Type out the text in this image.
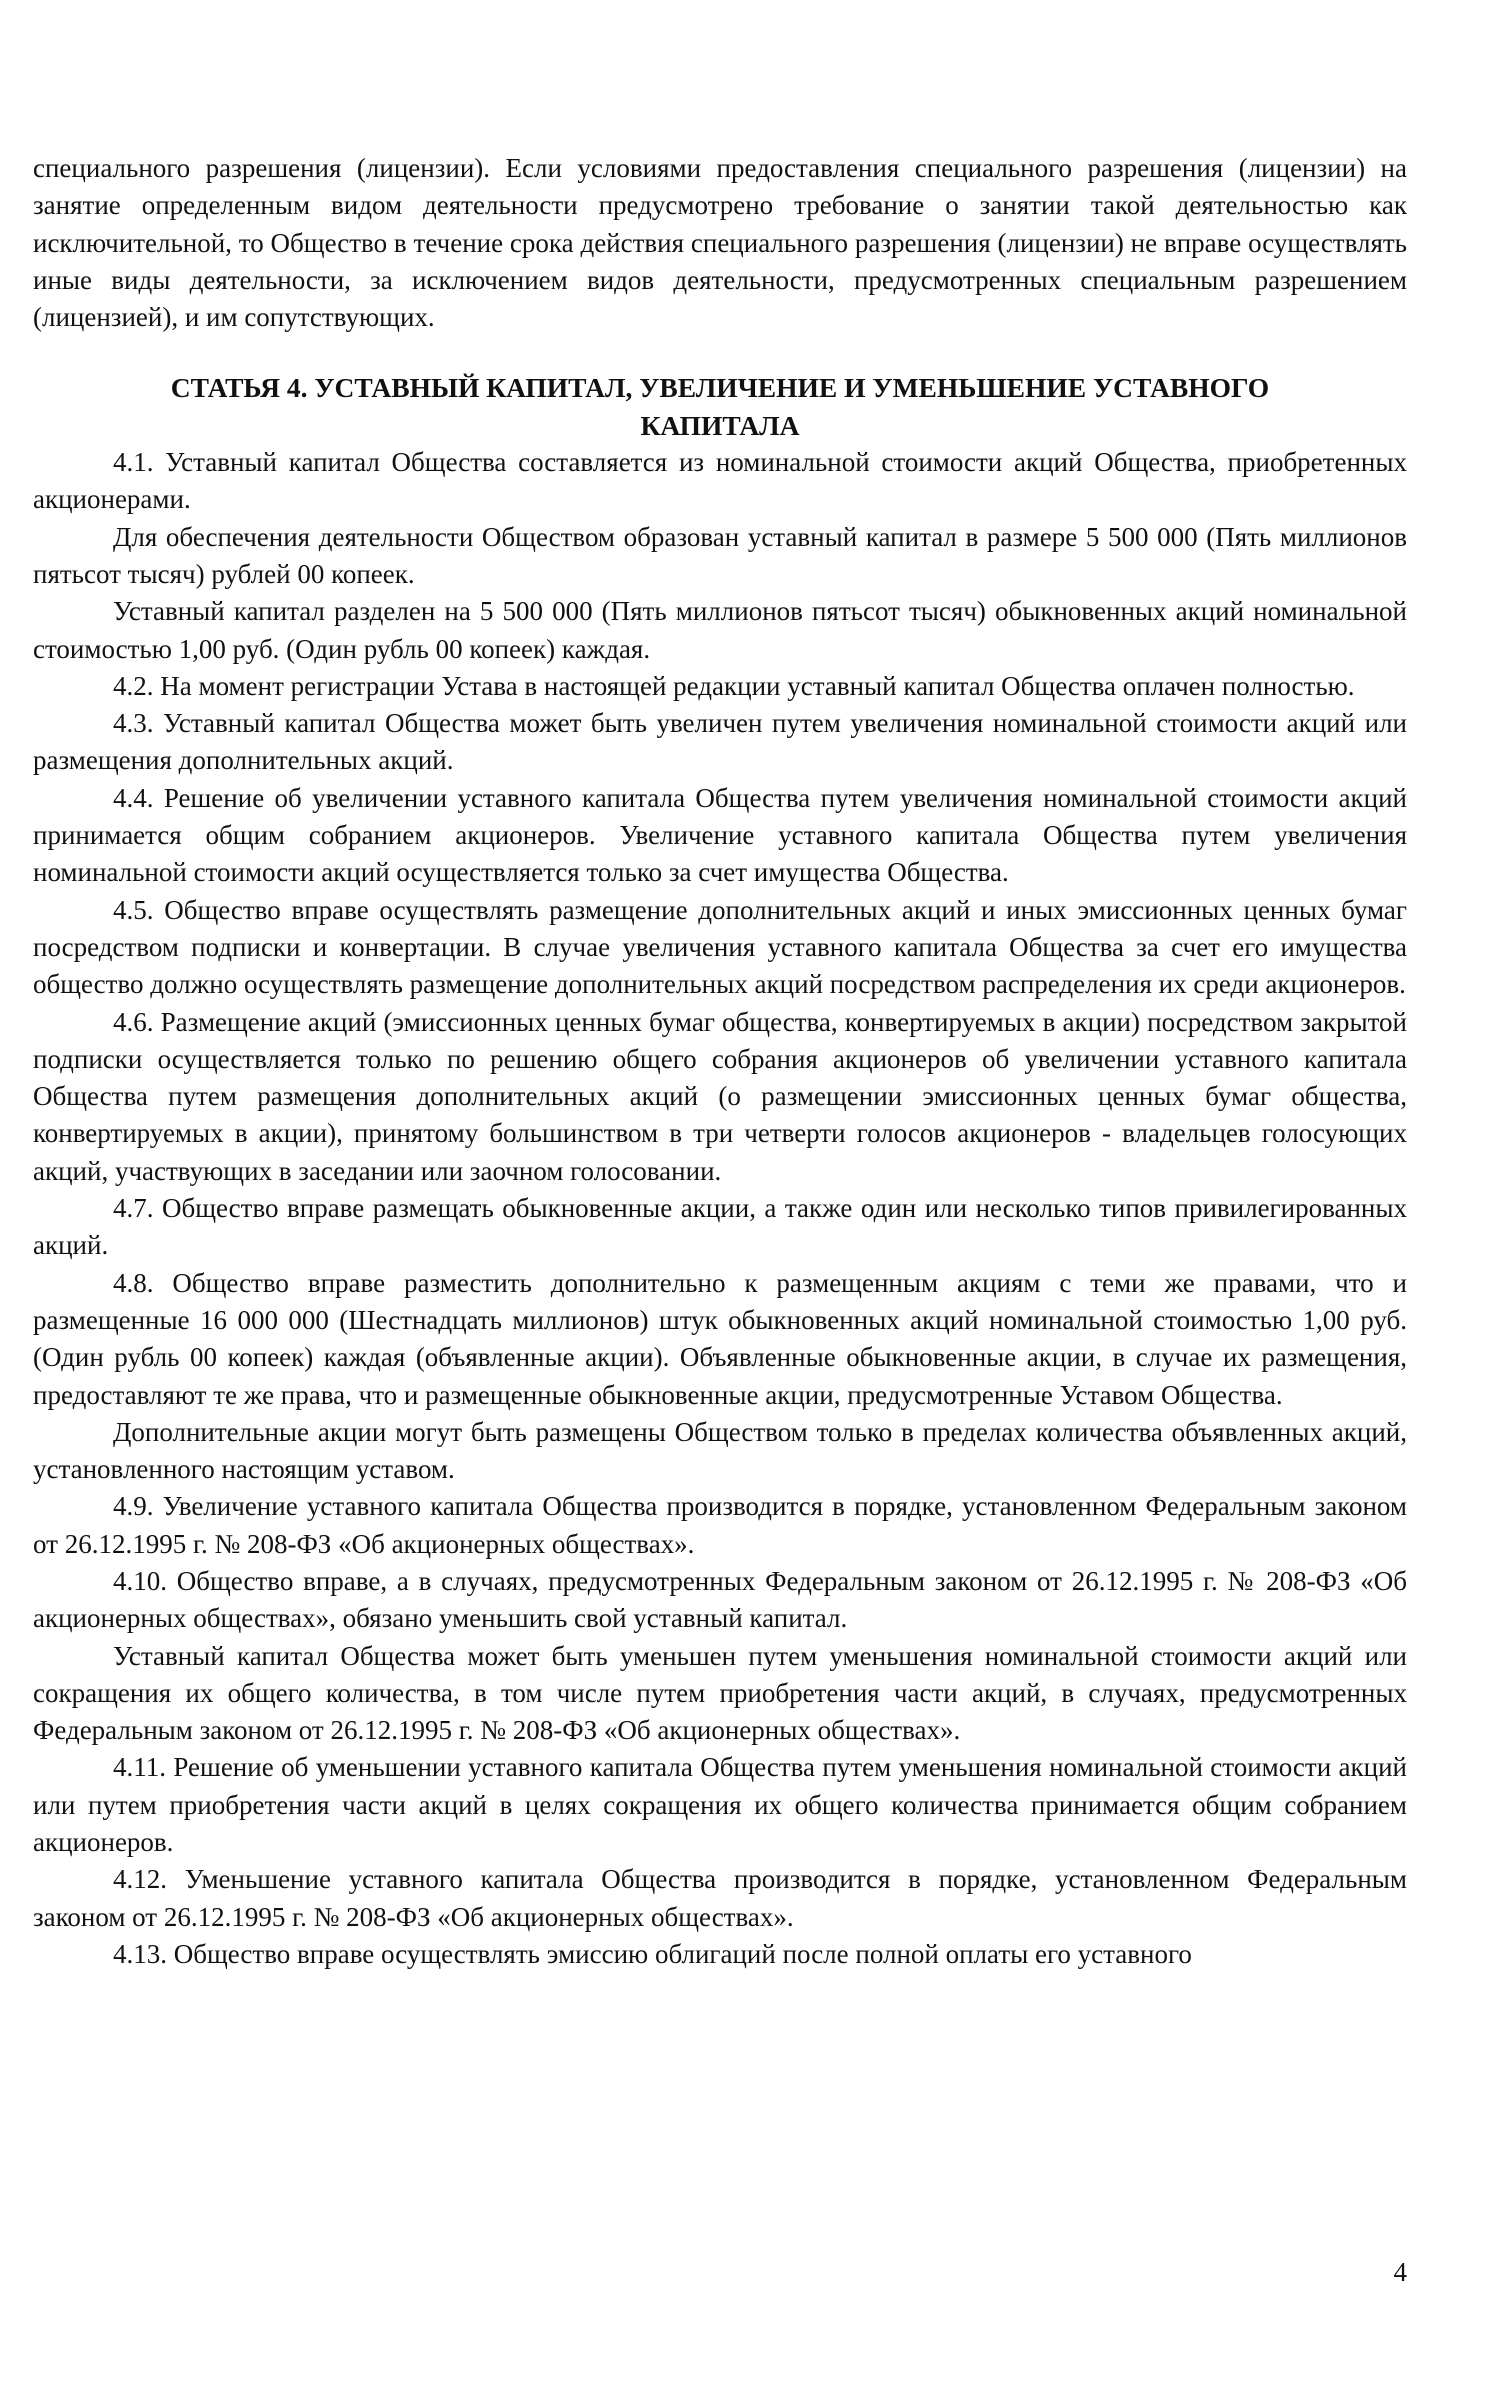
специального разрешения (лицензии). Если условиями предоставления специального разрешения (лицензии) на занятие определенным видом деятельности предусмотрено требование о занятии такой деятельностью как исключительной, то Общество в течение срока действия специального разрешения (лицензии) не вправе осуществлять иные виды деятельности, за исключением видов деятельности, предусмотренных специальным разрешением (лицензией), и им сопутствующих.

СТАТЬЯ 4. УСТАВНЫЙ КАПИТАЛ, УВЕЛИЧЕНИЕ И УМЕНЬШЕНИЕ УСТАВНОГО КАПИТАЛА

4.1. Уставный капитал Общества составляется из номинальной стоимости акций Общества, приобретенных акционерами.

Для обеспечения деятельности Обществом образован уставный капитал в размере 5 500 000 (Пять миллионов пятьсот тысяч) рублей 00 копеек.

Уставный капитал разделен на 5 500 000 (Пять миллионов пятьсот тысяч) обыкновенных акций номинальной стоимостью 1,00 руб. (Один рубль 00 копеек) каждая.

4.2. На момент регистрации Устава в настоящей редакции уставный капитал Общества оплачен полностью.

4.3. Уставный капитал Общества может быть увеличен путем увеличения номинальной стоимости акций или размещения дополнительных акций.

4.4. Решение об увеличении уставного капитала Общества путем увеличения номинальной стоимости акций принимается общим собранием акционеров. Увеличение уставного капитала Общества путем увеличения номинальной стоимости акций осуществляется только за счет имущества Общества.

4.5. Общество вправе осуществлять размещение дополнительных акций и иных эмиссионных ценных бумаг посредством подписки и конвертации. В случае увеличения уставного капитала Общества за счет его имущества общество должно осуществлять размещение дополнительных акций посредством распределения их среди акционеров.

4.6. Размещение акций (эмиссионных ценных бумаг общества, конвертируемых в акции) посредством закрытой подписки осуществляется только по решению общего собрания акционеров об увеличении уставного капитала Общества путем размещения дополнительных акций (о размещении эмиссионных ценных бумаг общества, конвертируемых в акции), принятому большинством в три четверти голосов акционеров - владельцев голосующих акций, участвующих в заседании или заочном голосовании.

4.7. Общество вправе размещать обыкновенные акции, а также один или несколько типов привилегированных акций.

4.8. Общество вправе разместить дополнительно к размещенным акциям с теми же правами, что и размещенные 16 000 000 (Шестнадцать миллионов) штук обыкновенных акций номинальной стоимостью 1,00 руб. (Один рубль 00 копеек) каждая (объявленные акции). Объявленные обыкновенные акции, в случае их размещения, предоставляют те же права, что и размещенные обыкновенные акции, предусмотренные Уставом Общества.

Дополнительные акции могут быть размещены Обществом только в пределах количества объявленных акций, установленного настоящим уставом.

4.9. Увеличение уставного капитала Общества производится в порядке, установленном Федеральным законом от 26.12.1995 г. № 208-ФЗ «Об акционерных обществах».

4.10. Общество вправе, а в случаях, предусмотренных Федеральным законом от 26.12.1995 г. № 208-ФЗ «Об акционерных обществах», обязано уменьшить свой уставный капитал.

Уставный капитал Общества может быть уменьшен путем уменьшения номинальной стоимости акций или сокращения их общего количества, в том числе путем приобретения части акций, в случаях, предусмотренных Федеральным законом от 26.12.1995 г. № 208-ФЗ «Об акционерных обществах».

4.11. Решение об уменьшении уставного капитала Общества путем уменьшения номинальной стоимости акций или путем приобретения части акций в целях сокращения их общего количества принимается общим собранием акционеров.

4.12. Уменьшение уставного капитала Общества производится в порядке, установленном Федеральным законом от 26.12.1995 г. № 208-ФЗ «Об акционерных обществах».

4.13. Общество вправе осуществлять эмиссию облигаций после полной оплаты его уставного

4
